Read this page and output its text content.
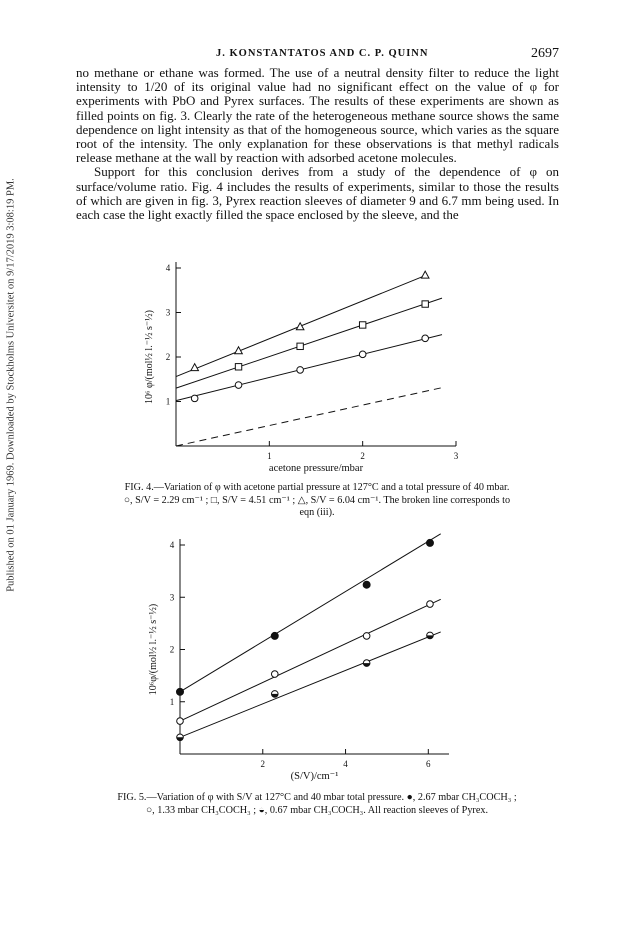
Published on 01 January 1969. Downloaded by Stockholms Universitet on 9/17/2019 3:08:19 PM.
J. KONSTANTATOS AND C. P. QUINN	2697

no methane or ethane was formed. The use of a neutral density filter to reduce the light intensity to 1/20 of its original value had no significant effect on the value of φ for experiments with PbO and Pyrex surfaces. The results of these experiments are shown as filled points on fig. 3. Clearly the rate of the heterogeneous methane source shows the same dependence on light intensity as that of the homogeneous source, which varies as the square root of the intensity. The only explanation for these observations is that methyl radicals release methane at the wall by reaction with adsorbed acetone molecules.

Support for this conclusion derives from a study of the dependence of φ on surface/volume ratio. Fig. 4 includes the results of experiments, similar to those the results of which are given in fig. 3, Pyrex reaction sleeves of diameter 9 and 6.7 mm being used. In each case the light exactly filled the space enclosed by the sleeve, and the

1	2	3
1
2
3
4
acetone pressure/mbar
10⁶ φ/(mol½ l.⁻½ s⁻½)
FIG. 4.—Variation of φ with acetone partial pressure at 127°C and a total pressure of 40 mbar.
○, S/V = 2.29 cm⁻¹ ; □, S/V = 4.51 cm⁻¹ ; △, S/V = 6.04 cm⁻¹. The broken line corresponds to
eqn (iii).
2	4	6
1
2
3
4
(S/V)/cm⁻¹
10⁶φ/(mol½ l.⁻½ s⁻½)
FIG. 5.—Variation of φ with S/V at 127°C and 40 mbar total pressure. ●, 2.67 mbar CH₃COCH₃ ;
○, 1.33 mbar CH₃COCH₃ ; ◒, 0.67 mbar CH₃COCH₃. All reaction sleeves of Pyrex.
